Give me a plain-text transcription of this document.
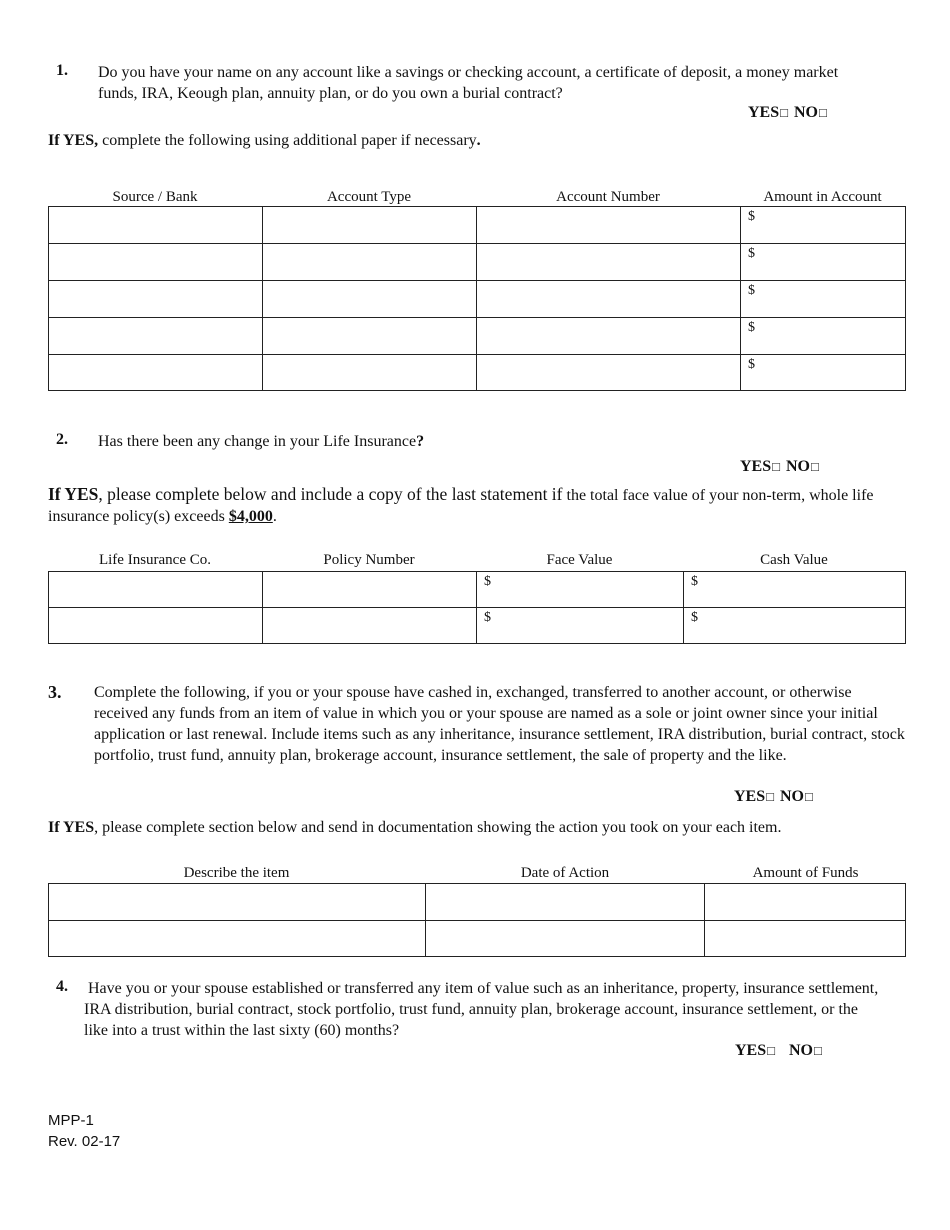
1. Do you have your name on any account like a savings or checking account, a certificate of deposit, a money market funds, IRA, Keough plan, annuity plan, or do you own a burial contract?
YES□ NO□
If YES, complete the following using additional paper if necessary.
Source / Bank	Account Type	Account Number	Amount in Account
			$
			$
			$
			$
			$
2. Has there been any change in your Life Insurance?
YES□ NO□
If YES, please complete below and include a copy of the last statement if the total face value of your non-term, whole life insurance policy(s) exceeds $4,000.
Life Insurance Co.	Policy Number	Face Value	Cash Value
		$	$
		$	$
3. Complete the following, if you or your spouse have cashed in, exchanged, transferred to another account, or otherwise received any funds from an item of value in which you or your spouse are named as a sole or joint owner since your initial application or last renewal. Include items such as any inheritance, insurance settlement, IRA distribution, burial contract, stock portfolio, trust fund, annuity plan, brokerage account, insurance settlement, the sale of property and the like.
YES□ NO□
If YES, please complete section below and send in documentation showing the action you took on your each item.
Describe the item	Date of Action	Amount of Funds

4. Have you or your spouse established or transferred any item of value such as an inheritance, property, insurance settlement, IRA distribution, burial contract, stock portfolio, trust fund, annuity plan, brokerage account, insurance settlement, or the like into a trust within the last sixty (60) months?
YES□ NO□
MPP-1
Rev. 02-17
